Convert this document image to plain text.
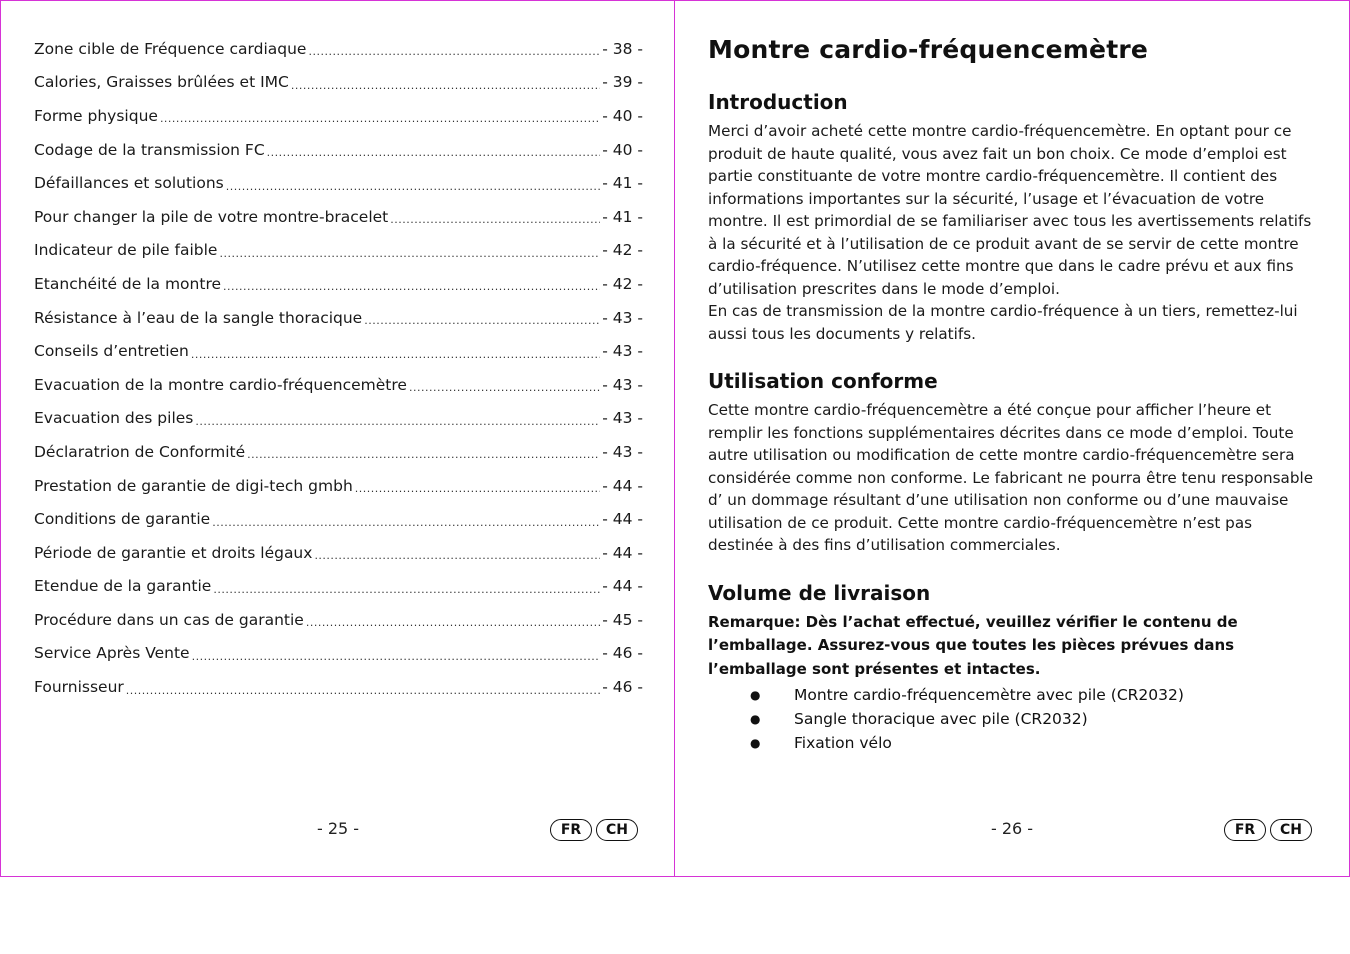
Zone cible de Fréquence cardiaque .....	- 38 -
Calories, Graisses brûlées et IMC .....	- 39 -
Forme physique .....	- 40 -
Codage de la transmission FC .....	- 40 -
Défaillances et solutions .....	- 41 -
Pour changer la pile de votre montre-bracelet .....	- 41 -
Indicateur de pile faible .....	- 42 -
Etanchéité de la montre .....	- 42 -
Résistance à l’eau de la sangle thoracique .....	- 43 -
Conseils d’entretien .....	- 43 -
Evacuation de la montre cardio-fréquencemètre .....	- 43 -
Evacuation des piles .....	- 43 -
Déclaratrion de Conformité .....	- 43 -
Prestation de garantie de digi-tech gmbh .....	- 44 -
Conditions de garantie .....	- 44 -
Période de garantie et droits légaux .....	- 44 -
Etendue de la garantie .....	- 44 -
Procédure dans un cas de garantie .....	- 45 -
Service Après Vente .....	- 46 -
Fournisseur .....	- 46 -
- 25 -	FR	CH
Montre cardio-fréquencemètre
Introduction

Merci d’avoir acheté cette montre cardio-fréquencemètre. En optant pour ce produit de haute qualité, vous avez fait un bon choix. Ce mode d’emploi est partie constituante de votre montre cardio-fréquencemètre. Il contient des informations importantes sur la sécurité, l’usage et l’évacuation de votre montre. Il est primordial de se familiariser avec tous les avertissements relatifs à la sécurité et à l’utilisation de ce produit avant de se servir de cette montre cardio-fréquence. N’utilisez cette montre que dans le cadre prévu et aux fins d’utilisation prescrites dans le mode d’emploi.

En cas de transmission de la montre cardio-fréquence à un tiers, remettez-lui aussi tous les documents y relatifs.

Utilisation conforme

Cette montre cardio-fréquencemètre a été conçue pour afficher l’heure et remplir les fonctions supplémentaires décrites dans ce mode d’emploi. Toute autre utilisation ou modification de cette montre cardio-fréquencemètre sera considérée comme non conforme. Le fabricant ne pourra être tenu responsable d’ un dommage résultant d’une utilisation non conforme ou d’une mauvaise utilisation de ce produit. Cette montre cardio-fréquencemètre n’est pas destinée à des fins d’utilisation commerciales.

Volume de livraison

Remarque: Dès l’achat effectué, veuillez vérifier le contenu de l’emballage. Assurez-vous que toutes les pièces prévues dans l’emballage sont présentes et intactes.

●	Montre cardio-fréquencemètre avec pile (CR2032)
●	Sangle thoracique avec pile (CR2032)
●	Fixation vélo
- 26 -	FR	CH
